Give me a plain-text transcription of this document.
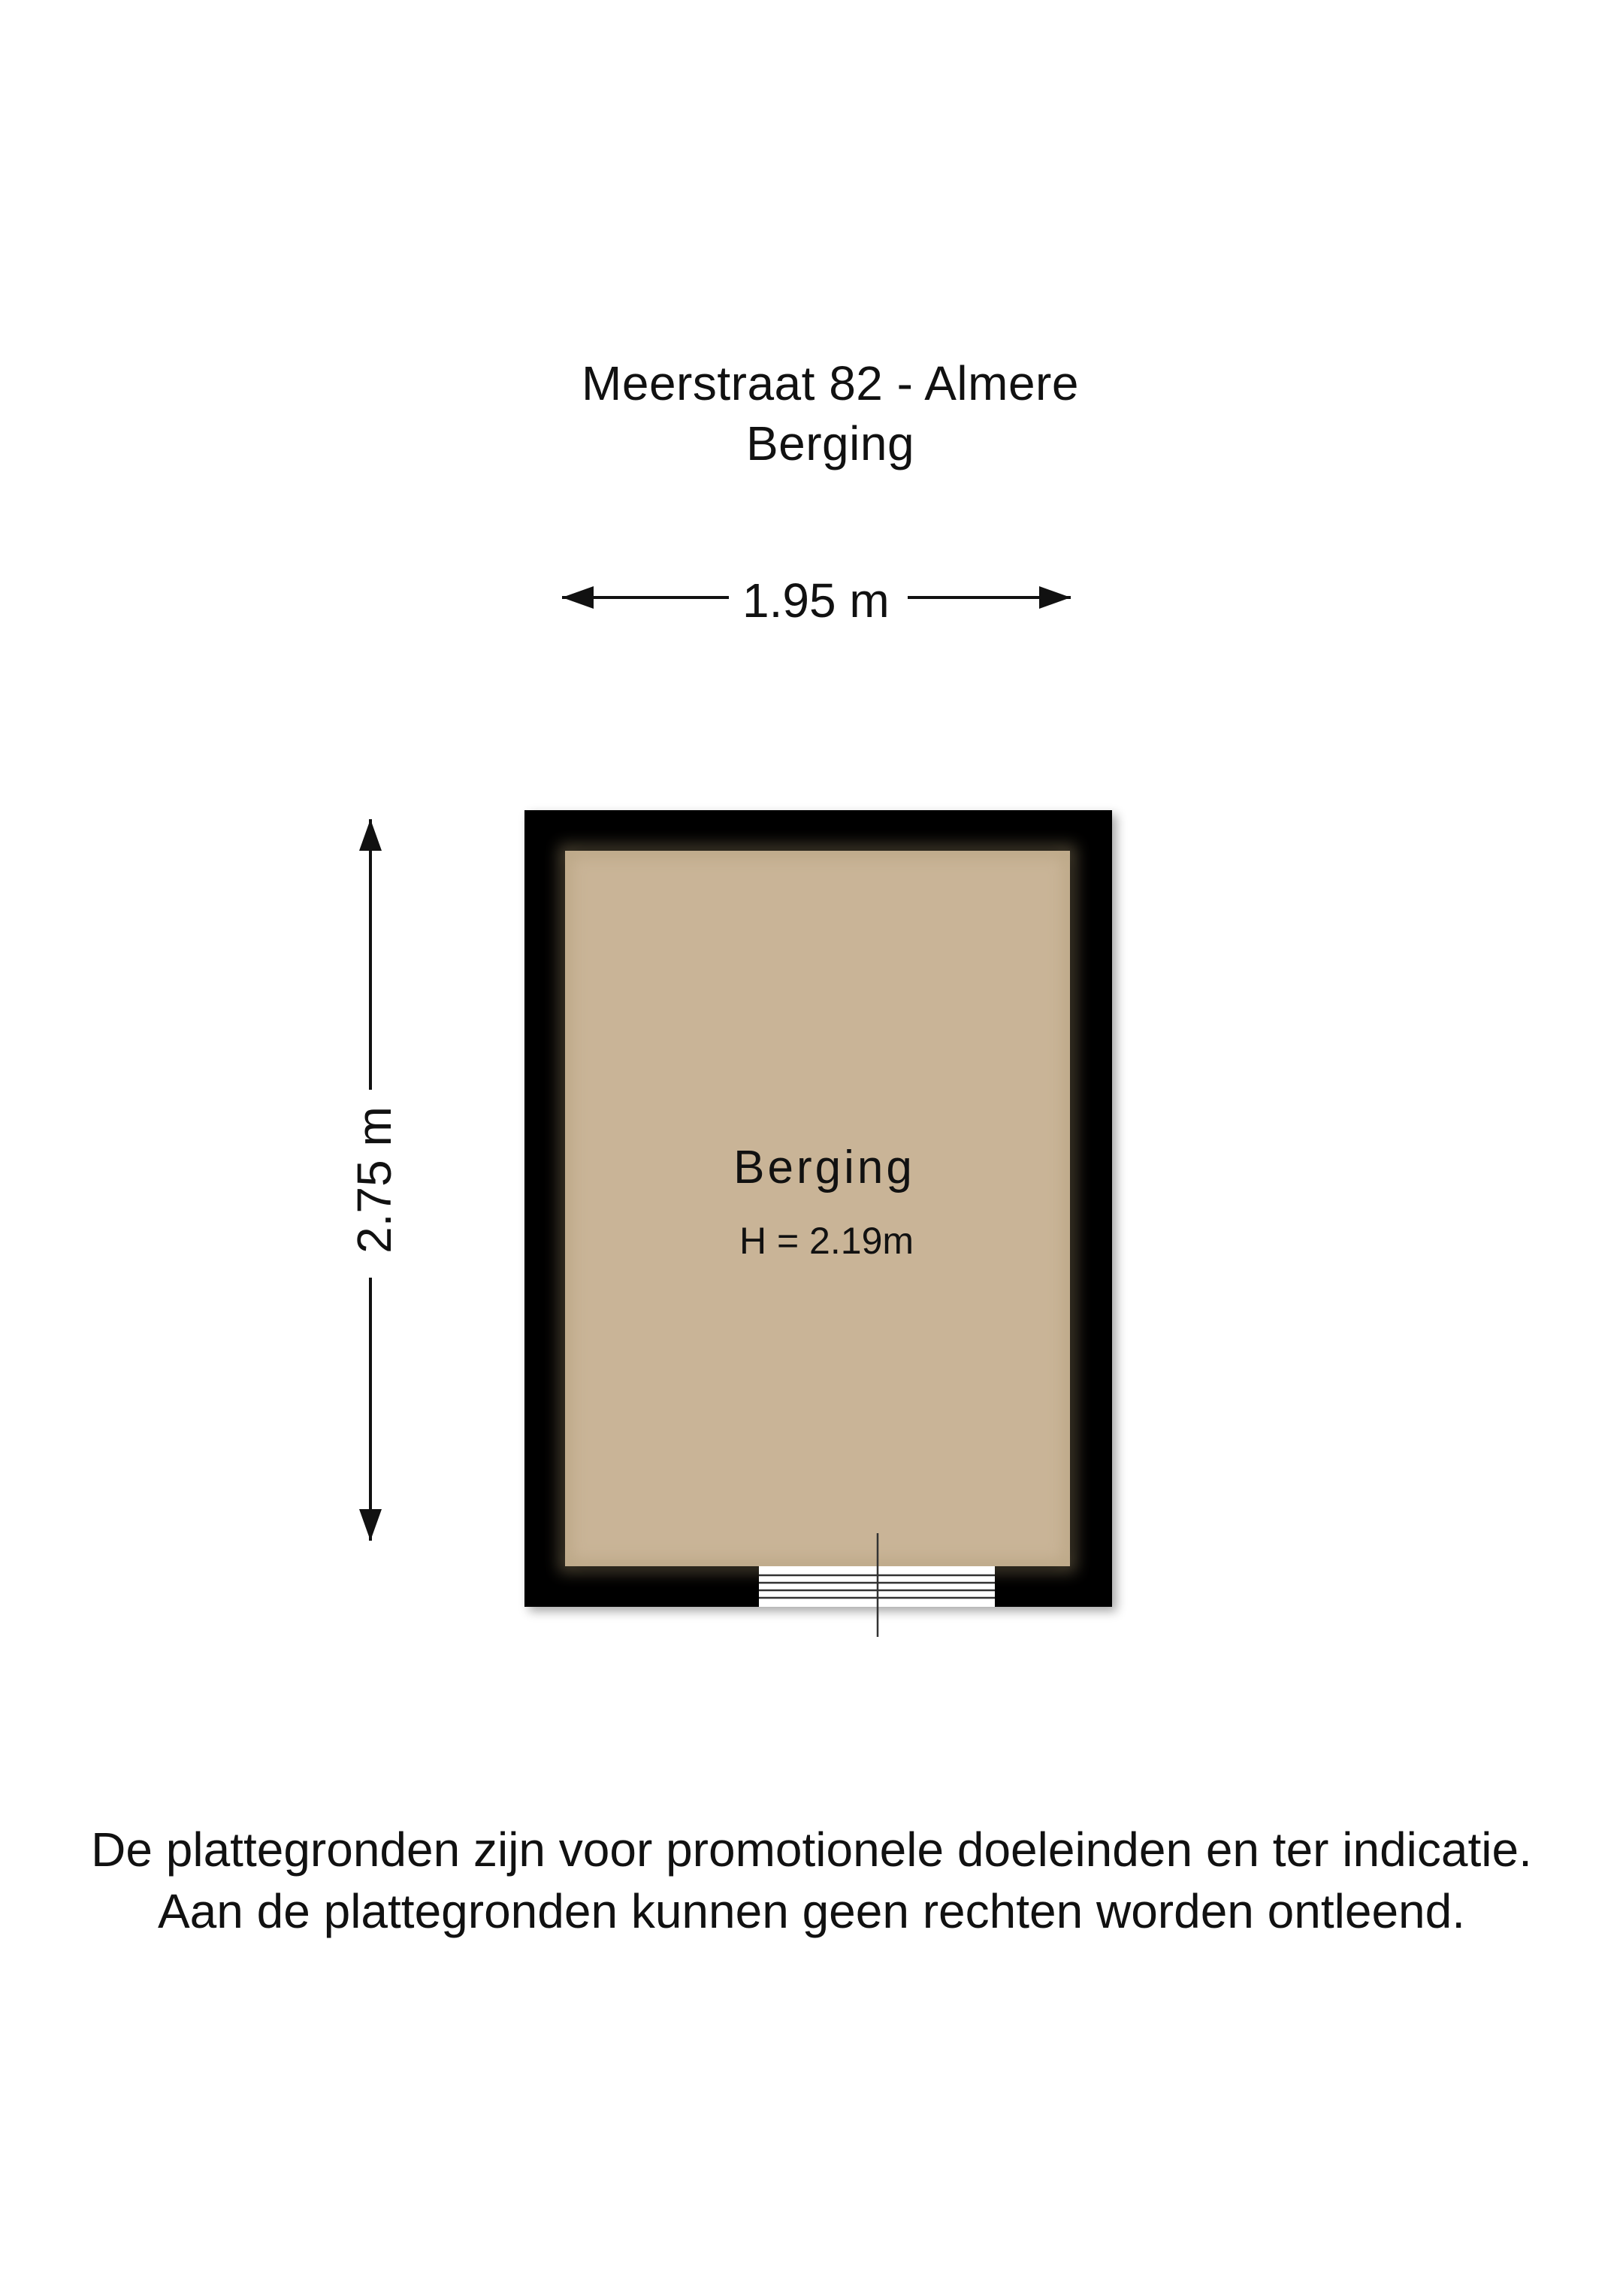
Meerstraat 82 - Almere
Berging
1.95 m
2.75 m	Berging
H = 2.19m
De plattegronden zijn voor promotionele doeleinden en ter indicatie.
Aan de plattegronden kunnen geen rechten worden ontleend.
